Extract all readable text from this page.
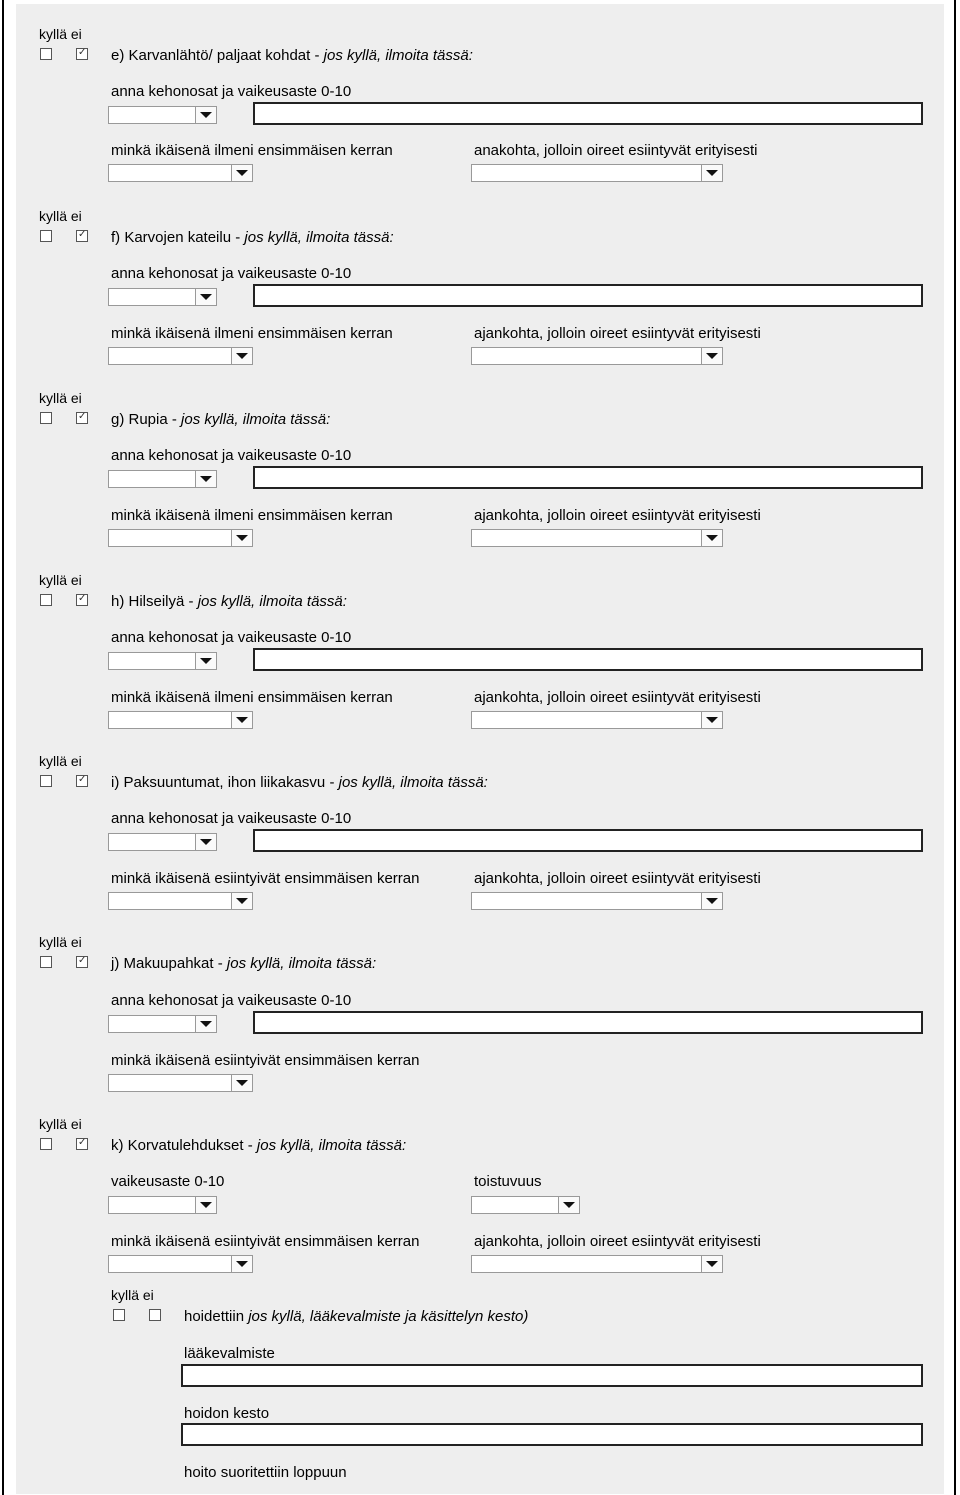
kyllä ei
✓
e) Karvanlähtö/ paljaat kohdat - jos kyllä, ilmoita tässä:
anna kehonosat ja vaikeusaste 0-10
minkä ikäisenä ilmeni ensimmäisen kerran	anakohta, jolloin oireet esiintyvät erityisesti
kyllä ei
✓
f) Karvojen kateilu - jos kyllä, ilmoita tässä:
anna kehonosat ja vaikeusaste 0-10
minkä ikäisenä ilmeni ensimmäisen kerran	ajankohta, jolloin oireet esiintyvät erityisesti
kyllä ei
✓
g) Rupia - jos kyllä, ilmoita tässä:
anna kehonosat ja vaikeusaste 0-10
minkä ikäisenä ilmeni ensimmäisen kerran	ajankohta, jolloin oireet esiintyvät erityisesti
kyllä ei
✓
h) Hilseilyä - jos kyllä, ilmoita tässä:
anna kehonosat ja vaikeusaste 0-10
minkä ikäisenä ilmeni ensimmäisen kerran	ajankohta, jolloin oireet esiintyvät erityisesti
kyllä ei
✓
i) Paksuuntumat, ihon liikakasvu - jos kyllä, ilmoita tässä:
anna kehonosat ja vaikeusaste 0-10
minkä ikäisenä esiintyivät ensimmäisen kerran	ajankohta, jolloin oireet esiintyvät erityisesti
kyllä ei
✓
j) Makuupahkat - jos kyllä, ilmoita tässä:
anna kehonosat ja vaikeusaste 0-10
minkä ikäisenä esiintyivät ensimmäisen kerran
kyllä ei
✓
k) Korvatulehdukset - jos kyllä, ilmoita tässä:
vaikeusaste 0-10	toistuvuus
minkä ikäisenä esiintyivät ensimmäisen kerran	ajankohta, jolloin oireet esiintyvät erityisesti
kyllä ei
hoidettiin jos kyllä, lääkevalmiste ja käsittelyn kesto)
lääkevalmiste
hoidon kesto
hoito suoritettiin loppuun
